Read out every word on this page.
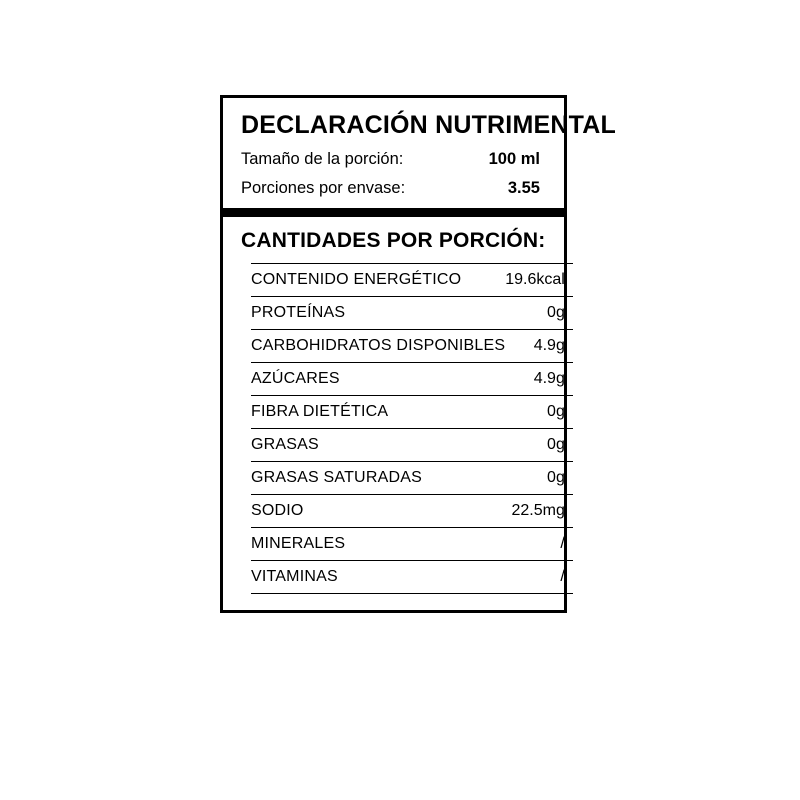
DECLARACIÓN NUTRIMENTAL
Tamaño de la porción:	100 ml
Porciones por envase:	3.55
CANTIDADES POR PORCIÓN:
CONTENIDO ENERGÉTICO	19.6kcal
PROTEÍNAS	0g
CARBOHIDRATOS DISPONIBLES	4.9g
AZÚCARES	4.9g
FIBRA DIETÉTICA	0g
GRASAS	0g
GRASAS SATURADAS	0g
SODIO	22.5mg
MINERALES	/
VITAMINAS	/
